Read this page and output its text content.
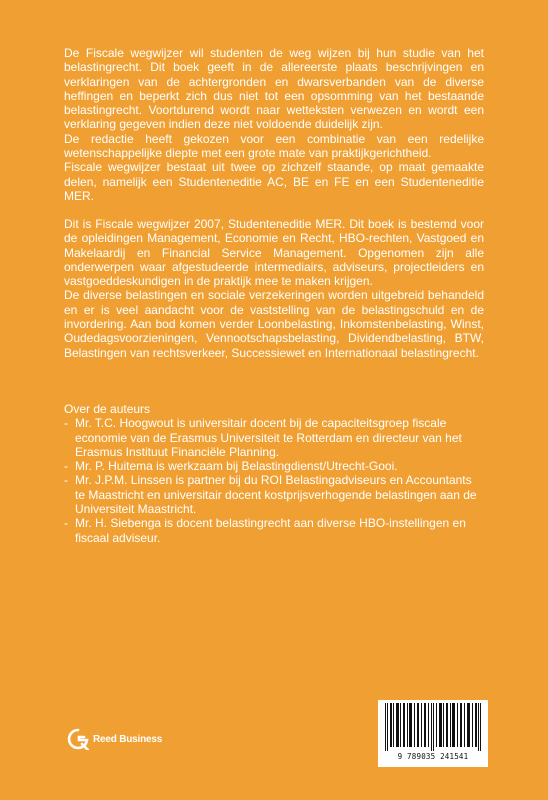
De Fiscale wegwijzer wil studenten de weg wijzen bij hun studie van het belastingrecht. Dit boek geeft in de allereerste plaats beschrijvingen en verklaringen van de achtergronden en dwarsverbanden van de diverse heffingen en beperkt zich dus niet tot een opsomming van het bestaande belastingrecht. Voortdurend wordt naar wetteksten verwezen en wordt een verklaring gegeven indien deze niet voldoende duidelijk zijn.

De redactie heeft gekozen voor een combinatie van een redelijke wetenschappelijke diepte met een grote mate van praktijkgerichtheid.

Fiscale wegwijzer bestaat uit twee op zichzelf staande, op maat gemaakte delen, namelijk een Studenteneditie AC, BE en FE en een Studenteneditie MER.

Dit is Fiscale wegwijzer 2007, Studenteneditie MER. Dit boek is bestemd voor de opleidingen Management, Economie en Recht, HBO-rechten, Vastgoed en Makelaardij en Financial Service Management. Opgenomen zijn alle onderwerpen waar afgestudeerde intermediairs, adviseurs, projectleiders en vastgoeddeskundigen in de praktijk mee te maken krijgen.

De diverse belastingen en sociale verzekeringen worden uitgebreid behandeld en er is veel aandacht voor de vaststelling van de belastingschuld en de invordering. Aan bod komen verder Loonbelasting, Inkomstenbelasting, Winst, Oudedagsvoorzieningen, Vennootschapsbelasting, Dividendbelasting, BTW, Belastingen van rechtsverkeer, Successiewet en Internationaal belastingrecht.

Over de auteurs

- Mr. T.C. Hoogwout is universitair docent bij de capaciteitsgroep fiscale economie van de Erasmus Universiteit te Rotterdam en directeur van het Erasmus Instituut Financiële Planning.
- Mr. P. Huitema is werkzaam bij Belastingdienst/Utrecht-Gooi.
- Mr. J.P.M. Linssen is partner bij du ROI Belastingadviseurs en Accountants te Maastricht en universitair docent kostprijsverhogende belastingen aan de Universiteit Maastricht.
- Mr. H. Siebenga is docent belastingrecht aan diverse HBO-instellingen en fiscaal adviseur.
Reed Business
9 789035 241541
